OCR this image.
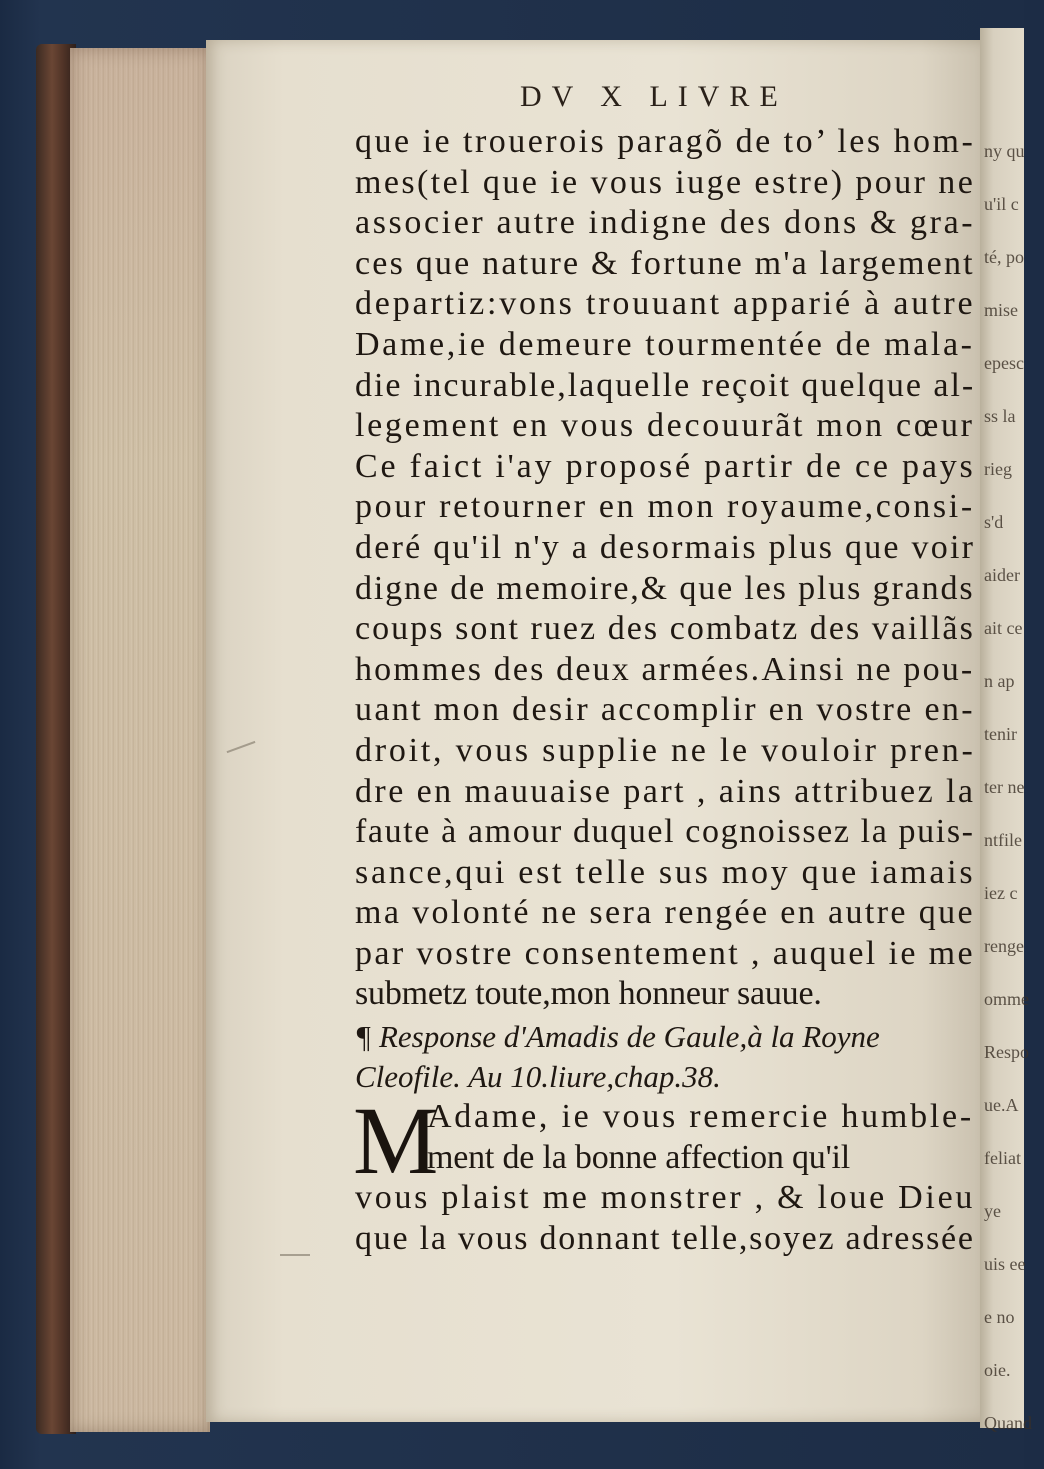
ny qu
u'il c
té, po
mise
epesc
ss la
rieg
s'd
aider
ait ce
n ap
tenir
ter ne
ntfile
iez c
renge
omme
Respo
ue.A
feliat
ye
uis ee
e no
oie.
Quand
DV X LIVRE
que ie trouerois paragõ de to’ les hom-
mes(tel que ie vous iuge estre) pour ne
associer autre indigne des dons & gra-
ces que nature & fortune m'a largement
departiz:vons trouuant apparié à autre
Dame,ie demeure tourmentée de mala-
die incurable,laquelle reçoit quelque al-
legement en vous decouurãt mon cœur
Ce faict i'ay proposé partir de ce pays
pour retourner en mon royaume,consi-
deré qu'il n'y a desormais plus que voir
digne de memoire,& que les plus grands
coups sont ruez des combatz des vaillãs
hommes des deux armées.Ainsi ne pou-
uant mon desir accomplir en vostre en-
droit, vous supplie ne le vouloir pren-
dre en mauuaise part , ains attribuez la
faute à amour duquel cognoissez la puis-
sance,qui est telle sus moy que iamais
ma volonté ne sera rengée en autre que
par vostre consentement , auquel ie me
submetz toute,mon honneur sauue.
¶ Response d'Amadis de Gaule,à la Royne
Cleofile. Au 10.liure,chap.38.
M
Adame, ie vous remercie humble-
ment de la bonne affection qu'il
vous plaist me monstrer , & loue Dieu
que la vous donnant telle,soyez adressée
